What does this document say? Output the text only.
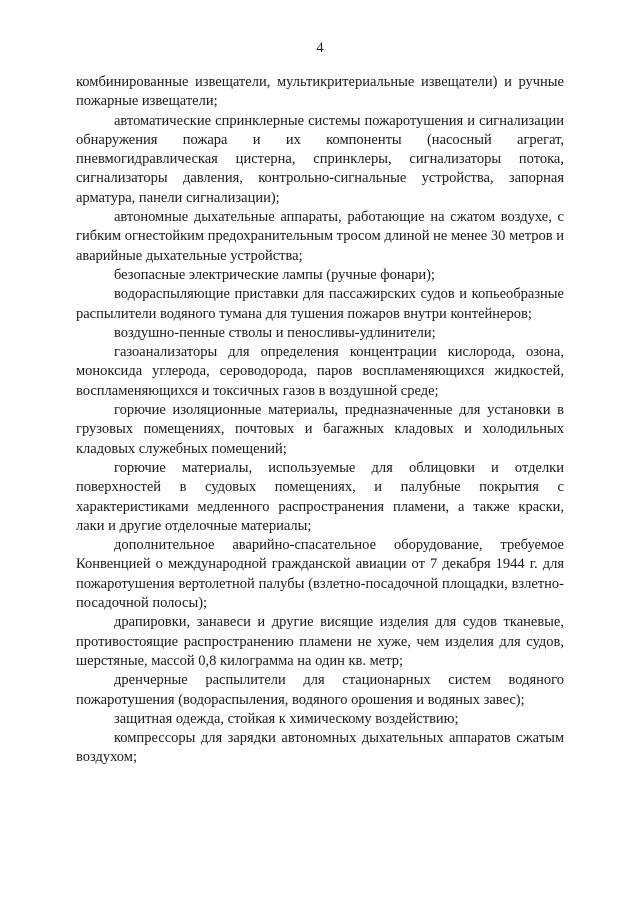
4

комбинированные извещатели, мультикритериальные извещатели) и ручные пожарные извещатели;

автоматические спринклерные системы пожаротушения и сигнализации обнаружения пожара и их компоненты (насосный агрегат, пневмогидравлическая цистерна, спринклеры, сигнализаторы потока, сигнализаторы давления, контрольно-сигнальные устройства, запорная арматура, панели сигнализации);

автономные дыхательные аппараты, работающие на сжатом воздухе, с гибким огнестойким предохранительным тросом длиной не менее 30 метров и аварийные дыхательные устройства;

безопасные электрические лампы (ручные фонари);

водораспыляющие приставки для пассажирских судов и копьеобразные распылители водяного тумана для тушения пожаров внутри контейнеров;

воздушно-пенные стволы и пеносливы-удлинители;

газоанализаторы для определения концентрации кислорода, озона, моноксида углерода, сероводорода, паров воспламеняющихся жидкостей, воспламеняющихся и токсичных газов в воздушной среде;

горючие изоляционные материалы, предназначенные для установки в грузовых помещениях, почтовых и багажных кладовых и холодильных кладовых служебных помещений;

горючие материалы, используемые для облицовки и отделки поверхностей в судовых помещениях, и палубные покрытия с характеристиками медленного распространения пламени, а также краски, лаки и другие отделочные материалы;

дополнительное аварийно-спасательное оборудование, требуемое Конвенцией о международной гражданской авиации от 7 декабря 1944 г. для пожаротушения вертолетной палубы (взлетно-посадочной площадки, взлетно-посадочной полосы);

драпировки, занавеси и другие висящие изделия для судов тканевые, противостоящие распространению пламени не хуже, чем изделия для судов, шерстяные, массой 0,8 килограмма на один кв. метр;

дренчерные распылители для стационарных систем водяного пожаротушения (водораспыления, водяного орошения и водяных завес);

защитная одежда, стойкая к химическому воздействию;

компрессоры для зарядки автономных дыхательных аппаратов сжатым воздухом;
